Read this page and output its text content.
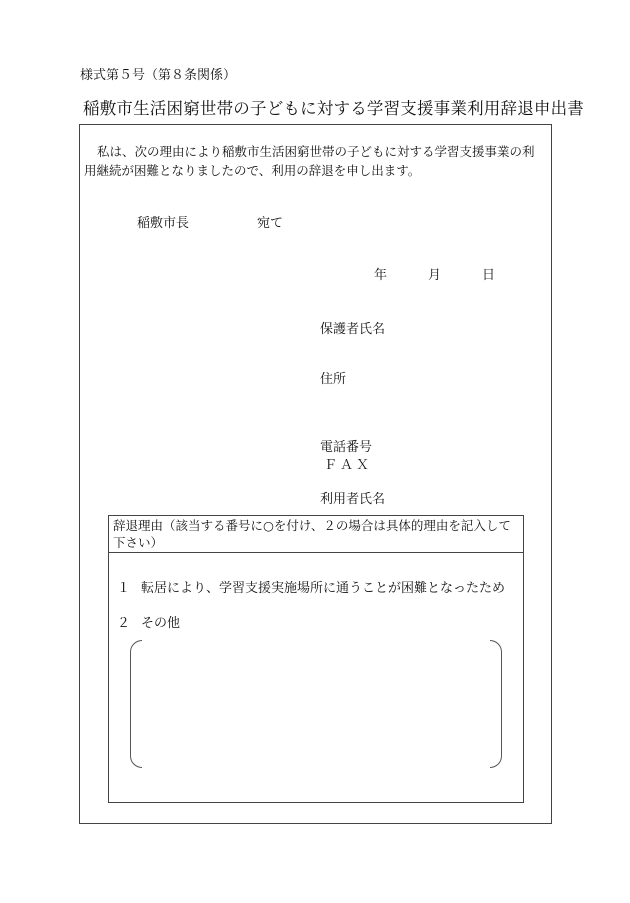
様式第５号（第８条関係）
稲敷市生活困窮世帯の子どもに対する学習支援事業利用辞退申出書
私は、次の理由により稲敷市生活困窮世帯の子どもに対する学習支援事業の利用継続が困難となりましたので、利用の辞退を申し出ます。
稲敷市長	宛て
年	月	日
保護者氏名
住所
電話番号
ＦＡＸ
利用者氏名
辞退理由（該当する番号に○を付け、２の場合は具体的理由を記入して下さい）
１ 転居により、学習支援実施場所に通うことが困難となったため
２ その他
